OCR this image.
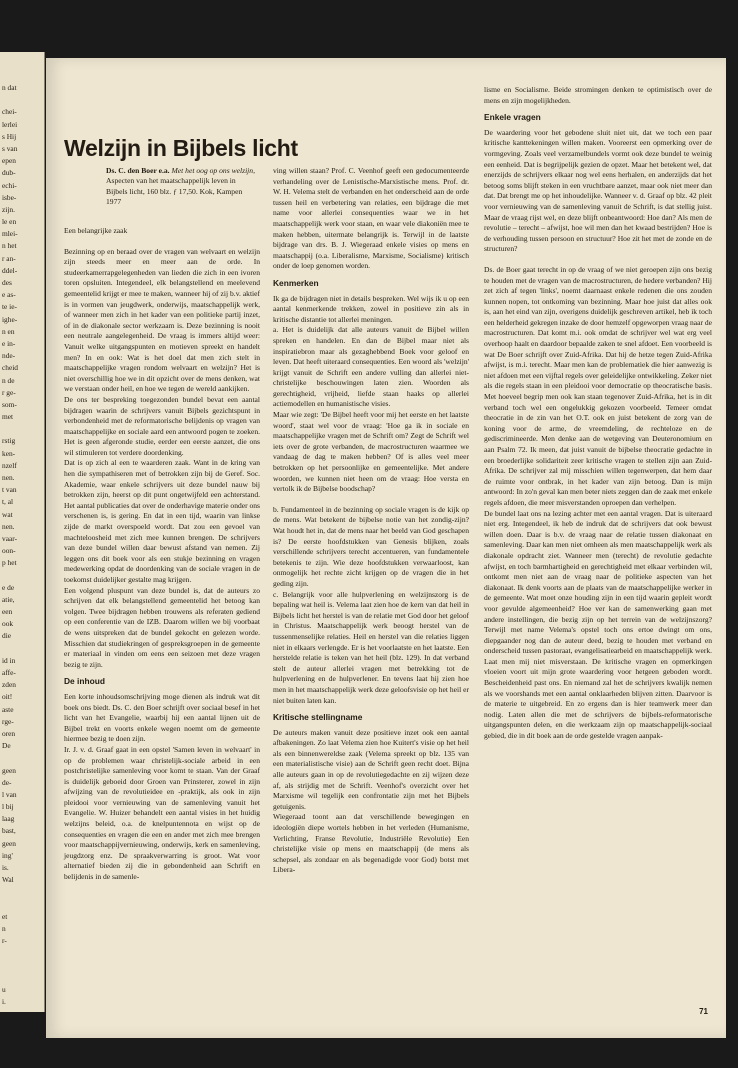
n dat
chei-
lerlei
s Hij
s van
epen
dub-
echi-
isbe-
zijn.
le en
mlei-
n het
r an-
ddel-
des
e as-
te ie-
ighe-
n en
e in-
nde-
cheid
n de
r ge-
som-
met
rstig
ken-
nzelf
nen.
t van
t, al
wat
nen.
vaar-
oon-
p het
e de
atie,
een
ook
die
id in
affe-
zden
oit!
aste
rge-
oren
De
geen
de-
l van
l bij
laag
bast,
geen
ing'
is.
Wal
et
n
r-
u
i.
e-
Welzijn in Bijbels licht
Ds. C. den Boer e.a. Met het oog op ons welzijn, Aspecten van het maatschappelijk leven in Bijbels licht, 160 blz. ƒ 17,50. Kok, Kampen 1977

Een belangrijke zaak

Bezinning op en beraad over de vragen van welvaart en welzijn zijn steeds meer en meer aan de orde. In studeerkamerrapgelegenheden van lieden die zich in een ivoren toren opsluiten. Integendeel, elk belangstellend en meelevend gemeentelid krijgt er mee te maken, wanneer hij of zij b.v. aktief is in vormen van jeugdwerk, onderwijs, maatschappelijk werk, of wanneer men zich in het kader van een politieke partij inzet, of in de diakonale sector werkzaam is. Deze bezinning is nooit een neutrale aangelegenheid. De vraag is immers altijd weer: Vanuit welke uitgangspunten en motieven spreekt en handelt men? In en ook: Wat is het doel dat men zich stelt in maatschappelijke vragen rondom welvaart en welzijn? Het is niet overschillig hoe we in dit opzicht over de mens denken, wat we verstaan onder heil, en hoe we tegen de wereld aankijken.

De ons ter bespreking toegezonden bundel bevat een aantal bijdragen waarin de schrijvers vanuit Bijbels gezichtspunt in verbondenheid met de reformatorische belijdenis op vragen van maatschappelijke en sociale aard een antwoord pogen te zoeken. Het is geen afgeronde studie, eerder een eerste aanzet, die ons wil stimuleren tot verdere doordenking.

Dat is op zich al een te waarderen zaak. Want in de kring van hen die sympathiseren met of betrokken zijn bij de Geref. Soc. Akademie, waar enkele schrijvers uit deze bundel nauw bij betrokken zijn, heerst op dit punt ongetwijfeld een achterstand. Het aantal publicaties dat over de onderhavige materie onder ons verschenen is, is gering. En dat in een tijd, waarin van linkse zijde de markt overspoeld wordt. Dat zou een gevoel van machteloosheid met zich mee kunnen brengen. De schrijvers van deze bundel willen daar bewust afstand van nemen. Zij leggen ons dit boek voor als een stukje bezinning en vragen medewerking opdat de doordenking van de sociale vragen in de toekomst duidelijker gestalte mag krijgen.

Een volgend pluspunt van deze bundel is, dat de auteurs zo schrijven dat elk belangstellend gemeentelid het betoog kan volgen. Twee bijdragen hebben trouwens als referaten gediend op een conferentie van de IZB. Daarom willen we bij voorbaat de wens uitspreken dat de bundel gekocht en gelezen worde. Misschien dat studiekringen of gespreksgroepen in de gemeente er materiaal in vinden om eens een seizoen met deze vragen bezig te zijn.

De inhoud

Een korte inhoudsomschrijving moge dienen als indruk wat dit boek ons biedt. Ds. C. den Boer schrijft over sociaal besef in het licht van het Evangelie, waarbij hij een aantal lijnen uit de Bijbel trekt en voorts enkele wegen noemt om de gemeente hiermee bezig te doen zijn.

Ir. J. v. d. Graaf gaat in een opstel 'Samen leven in welvaart' in op de problemen waar christelijk-sociale arbeid in een postchristelijke samenleving voor komt te staan. Van der Graaf is duidelijk geboeid door Groen van Prinsterer, zowel in zijn afwijzing van de revolutieidee en -praktijk, als ook in zijn pleidooi voor vernieuwing van de samenleving vanuit het Evangelie. W. Huizer behandelt een aantal visies in het huidig welzijns beleid, o.a. de knelpuntennota en wijst op de consequenties en vragen die een en ander met zich mee brengen voor maatschappijvernieuwing, onderwijs, kerk en samenleving, jeugdzorg enz. De spraakverwarring is groot. Wat voor alternatief bieden zij die in gebondenheid aan Schrift en belijdenis in de samenle-

ving willen staan? Prof. C. Veenhof geeft een gedocumenteerde verhandeling over de Lenistische-Marxistische mens. Prof. dr. W. H. Velema stelt de verbanden en het onderscheid aan de orde tussen heil en verbetering van relaties, een bijdrage die met name voor allerlei consequenties waar we in het maatschappelijk werk voor staan, en waar vele diakoniën mee te maken hebben, uitermate belangrijk is. Terwijl in de laatste bijdrage van drs. B. J. Wiegeraad enkele visies op mens en maatschappij (o.a. Liberalisme, Marxisme, Socialisme) kritisch onder de loep genomen worden.

Kenmerken

Ik ga de bijdragen niet in details bespreken. Wel wijs ik u op een aantal kenmerkende trekken, zowel in positieve zin als in kritische distantie tot allerlei meningen.

a. Het is duidelijk dat alle auteurs vanuit de Bijbel willen spreken en handelen. En dan de Bijbel maar niet als inspiratiebron maar als gezaghebbend Boek voor geloof en leven. Dat heeft uiteraard consequenties. Een woord als 'welzijn' krijgt vanuit de Schrift een andere vulling dan allerlei niet-christelijke beschouwingen laten zien. Woorden als gerechtigheid, vrijheid, liefde staan haaks op allerlei actiemodellen en humanistische visies.

Maar wie zegt: 'De Bijbel heeft voor mij het eerste en het laatste woord', staat wel voor de vraag: 'Hoe ga ik in sociale en maatschappelijke vragen met de Schrift om? Zegt de Schrift wel iets over de grote verbanden, de macrostructuren waarmee we vandaag de dag te maken hebben? Of is alles veel meer betrokken op het persoonlijke en gemeentelijke. Met andere woorden, we kunnen niet heen om de vraag: Hoe versta en vertolk ik de Bijbelse boodschap?

b. Fundamenteel in de bezinning op sociale vragen is de kijk op de mens. Wat betekent de bijbelse notie van het zondig-zijn? Wat houdt het in, dat de mens naar het beeld van God geschapen is? De eerste hoofdstukken van Genesis blijken, zoals verschillende schrijvers terecht accentueren, van fundamentele betekenis te zijn. Wie deze hoofdstukken verwaarloost, kan onmogelijk het rechte zicht krijgen op de vragen die in het geding zijn.

c. Belangrijk voor alle hulpverlening en welzijnszorg is de bepaling wat heil is. Velema laat zien hoe de kern van dat heil in Bijbels licht het herstel is van de relatie met God door het geloof in Christus. Maatschappelijk werk beoogt herstel van de tussenmenselijke relaties. Heil en herstel van die relaties liggen niet in elkaars verlengde. Er is het voorlaatste en het laatste. Een herstelde relatie is teken van het heil (blz. 129). In dat verband stelt de auteur allerlei vragen met betrekking tot de hulpverlening en de hulpverlener. En tevens laat hij zien hoe men in het maatschappelijk werk deze geloofsvisie op het heil er niet buiten laten kan.

Kritische stellingname

De auteurs maken vanuit deze positieve inzet ook een aantal afbakeningen. Zo laat Velema zien hoe Kuitert's visie op het heil als een binnenwereldse zaak (Velema spreekt op blz. 135 van een materialistische visie) aan de Schrift geen recht doet. Bijna alle auteurs gaan in op de revolutiegedachte en zij wijzen deze af, als strijdig met de Schrift. Veenhof's overzicht over het Marxisme wil tegelijk een confrontatie zijn met het Bijbels getuigenis.

Wiegeraad toont aan dat verschillende bewegingen en ideologiën diepe wortels hebben in het verleden (Humanisme, Verlichting, Franse Revolutie, Industriële Revolutie) Een christelijke visie op mens en maatschappij (de mens als schepsel, als zondaar en als begenadigde voor God) botst met Libera-

lisme en Socialisme. Beide stromingen denken te optimistisch over de mens en zijn mogelijkheden.

Enkele vragen

De waardering voor het gebodene sluit niet uit, dat we toch een paar kritische kanttekeningen willen maken. Vooreerst een opmerking over de vormgeving. Zoals veel verzamelbundels vormt ook deze bundel te weinig een eenheid. Dat is begrijpelijk gezien de opzet. Maar het betekent wel, dat enerzijds de schrijvers elkaar nog wel eens herhalen, en anderzijds dat het betoog soms blijft steken in een vruchtbare aanzet, maar ook niet meer dan dat. Dat brengt me op het inhoudelijke. Wanneer v. d. Graaf op blz. 42 pleit voor vernieuwing van de samenleving vanuit de Schrift, is dat stellig juist. Maar de vraag rijst wel, en deze blijft onbeantwoord: Hoe dan? Als men de revolutie – terecht – afwijst, hoe wil men dan het kwaad bestrijden? Hoe is de verhouding tussen persoon en structuur? Hoe zit het met de zonde en de structuren?

Ds. de Boer gaat terecht in op de vraag of we niet geroepen zijn ons bezig te houden met de vragen van de macrostructuren, de hedere verbanden? Hij zet zich af tegen 'links', noemt daarnaast enkele redenen die ons zouden kunnen nopen, tot ontkoming van bezinning. Maar hoe juist dat alles ook is, aan het eind van zijn, overigens duidelijk geschreven artikel, heb ik toch een helderheid gekregen inzake de door hemzelf opgeworpen vraag naar de macrostructuren. Dat komt m.i. ook omdat de schrijver wel wat erg veel overhoop haalt en daardoor bepaalde zaken te snel afdoet. Een voorbeeld is wat De Boer schrijft over Zuid-Afrika. Dat hij de hetze tegen Zuid-Afrika afwijst, is m.i. terecht. Maar men kan de problematiek die hier aanwezig is niet afdoen met een vijftal regels over geleidelijke ontwikkeling. Zeker niet als die regels staan in een pleidooi voor democratie op theocratische basis. Met hoeveel begrip men ook kan staan tegenover Zuid-Afrika, het is in dit verband toch wel een ongelukkig gekozen voorbeeld. Temeer omdat theocratie in de zin van het O.T. ook en juist betekent de zorg van de koning voor de arme, de vreemdeling, de rechteloze en de gediscrimineerde. Men denke aan de wetgeving van Deuteronomium en aan Psalm 72. Ik meen, dat juist vanuit de bijbelse theocratie gedachte in een broederlijke solidariteit zeer kritische vragen te stellen zijn aan Zuid-Afrika. De schrijver zal mij misschien willen tegenwerpen, dat hem daar de ruimte voor ontbrak, in het kader van zijn betoog. Dan is mijn antwoord: In zo'n geval kan men beter niets zeggen dan de zaak met enkele regels afdoen, die meer misverstanden oproepen dan verhelpen.

De bundel laat ons na lezing achter met een aantal vragen. Dat is uiteraard niet erg. Integendeel, ik heb de indruk dat de schrijvers dat ook bewust willen doen. Daar is b.v. de vraag naar de relatie tussen diakonaat en samenleving. Daar kan men niet omheen als men maatschappelijk werk als diakonale opdracht ziet. Wanneer men (terecht) de revolutie gedachte afwijst, en toch barmhartigheid en gerechtigheid met elkaar verbinden wil, ontkomt men niet aan de vraag naar de politieke aspecten van het diakonaat. Ik denk voorts aan de plaats van de maatschappelijke werker in de gemeente. Wat moet onze houding zijn in een tijd waarin gepleit wordt voor gevulde algemeenheid? Hoe ver kan de samenwerking gaan met andere instellingen, die bezig zijn op het terrein van de welzijnszorg? Terwijl met name Velema's opstel toch ons ertoe dwingt om ons, diepgaander nog dan de auteur deed, bezig te houden met verband en onderscheid tussen pastoraat, evangelisatiearbeid en maatschappelijk werk. Laat men mij niet misverstaan. De kritische vragen en opmerkingen vloeien voort uit mijn grote waardering voor hetgeen geboden wordt. Bescheidenheid past ons. En niemand zal het de schrijvers kwalijk nemen als we voorshands met een aantal onklaarheden blijven zitten. Daarvoor is de materie te uitgebreid. En zo ergens dan is hier teamwerk meer dan nodig. Laten allen die met de schrijvers de bijbels-reformatorische uitgangspunten delen, en die werkzaam zijn op maatschappelijk-sociaal gebied, die in dit boek aan de orde gestelde vragen aanpak-

71
